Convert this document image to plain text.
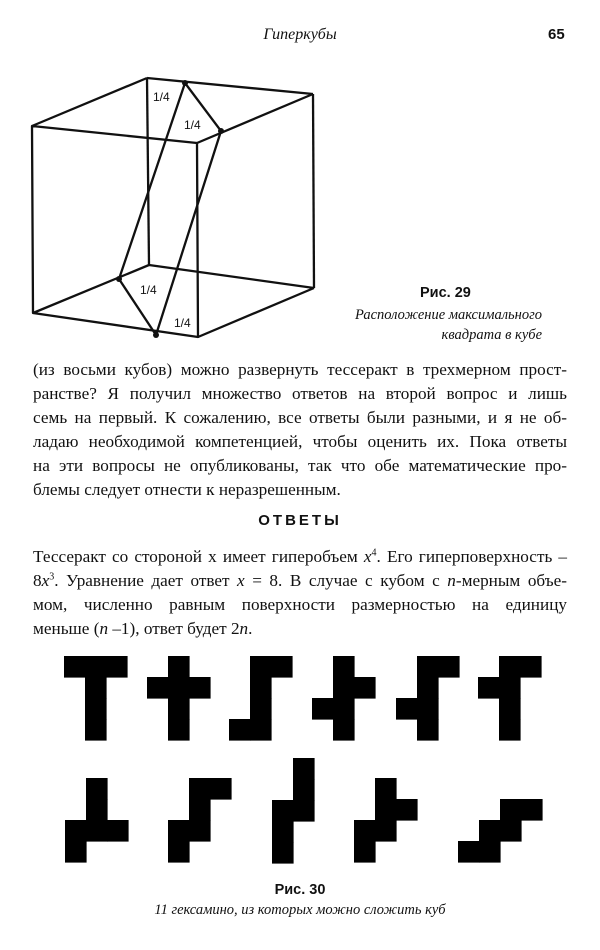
Гиперкубы	65
1/4
1/4
1/4
1/4
Рис. 29
Расположение максимального
квадрата в кубе
(из восьми кубов) можно развернуть тессеракт в трехмерном прост-
ранстве? Я получил множество ответов на второй вопрос и лишь
семь на первый. К сожалению, все ответы были разными, и я не об-
ладаю необходимой компетенцией, чтобы оценить их. Пока ответы
на эти вопросы не опубликованы, так что обе математические про-
блемы следует отнести к неразрешенным.
ОТВЕТЫ
Тессеракт со стороной x имеет гиперобъем $x^4$. Его гиперповерхность –
$8x^3$. Уравнение дает ответ x = 8. В случае с кубом с n-мерным объе-
мом, численно равным поверхности размерностью на единицу
меньше (n –1), ответ будет 2n.
Рис. 30
11 гексамино, из которых можно сложить куб
